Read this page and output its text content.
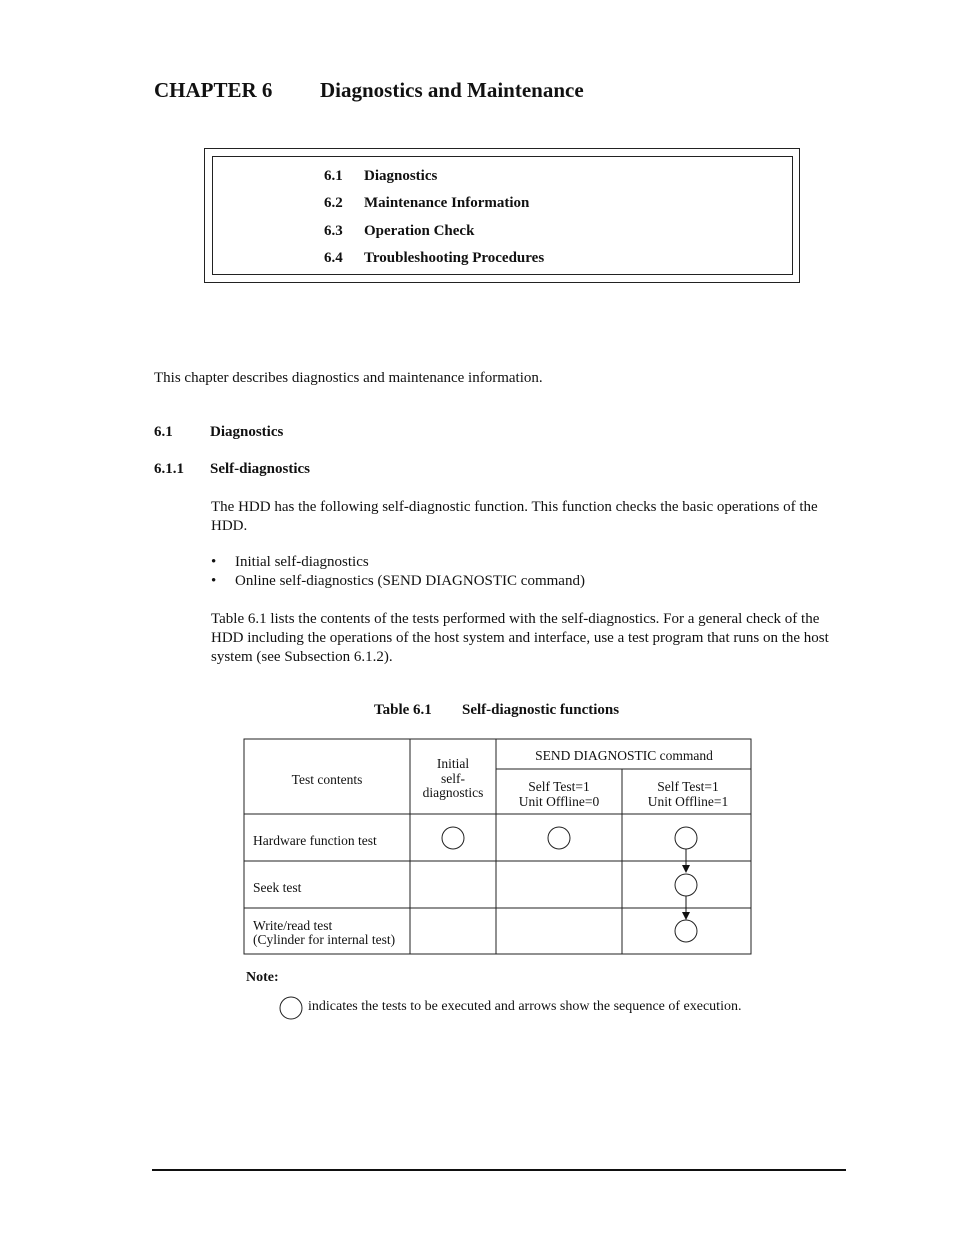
CHAPTER 6 Diagnostics and Maintenance
6.1 Diagnostics
6.2 Maintenance Information
6.3 Operation Check
6.4 Troubleshooting Procedures
This chapter describes diagnostics and maintenance information.
6.1 Diagnostics
6.1.1 Self-diagnostics
The HDD has the following self-diagnostic function. This function checks the basic operations of the HDD.
• Initial self-diagnostics
• Online self-diagnostics (SEND DIAGNOSTIC command)
Table 6.1 lists the contents of the tests performed with the self-diagnostics. For a general check of the HDD including the operations of the host system and interface, use a test program that runs on the host system (see Subsection 6.1.2).
Table 6.1 Self-diagnostic functions
Test contents
Initial
self-
diagnostics
SEND DIAGNOSTIC command
Self Test=1
Unit Offline=0
Self Test=1
Unit Offline=1
Hardware function test
Seek test
Write/read test
(Cylinder for internal test)
Note:
indicates the tests to be executed and arrows show the sequence of execution.
